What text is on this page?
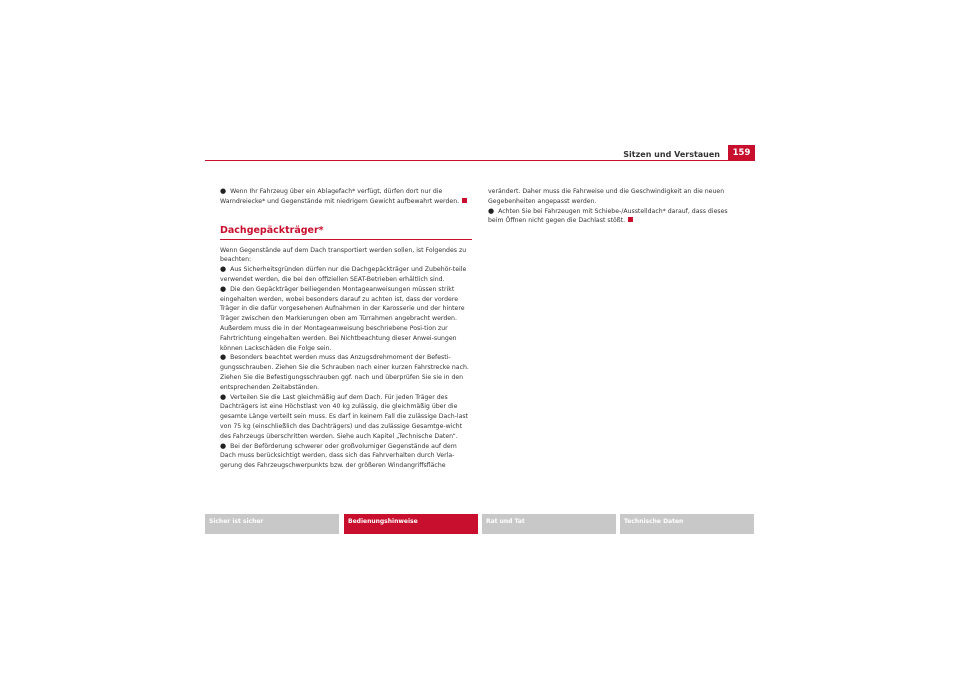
Sitzen und Verstauen	159

● Wenn Ihr Fahrzeug über ein Ablagefach* verfügt, dürfen dort nur die Warndreiecke* und Gegenstände mit niedrigem Gewicht aufbewahrt werden.

Dachgepäckträger*

Wenn Gegenstände auf dem Dach transportiert werden sollen, ist Folgendes zu beachten:

● Aus Sicherheitsgründen dürfen nur die Dachgepäckträger und Zubehör-teile verwendet werden, die bei den offiziellen SEAT-Betrieben erhältlich sind.

● Die den Gepäckträger beiliegenden Montageanweisungen müssen strikt eingehalten werden, wobei besonders darauf zu achten ist, dass der vordere Träger in die dafür vorgesehenen Aufnahmen in der Karosserie und der hintere Träger zwischen den Markierungen oben am Türrahmen angebracht werden. Außerdem muss die in der Montageanweisung beschriebene Posi-tion zur Fahrtrichtung eingehalten werden. Bei Nichtbeachtung dieser Anwei-sungen können Lackschäden die Folge sein.

● Besonders beachtet werden muss das Anzugsdrehmoment der Befesti-gungsschrauben. Ziehen Sie die Schrauben nach einer kurzen Fahrstrecke nach. Ziehen Sie die Befestigungsschrauben ggf. nach und überprüfen Sie sie in den entsprechenden Zeitabständen.

● Verteilen Sie die Last gleichmäßig auf dem Dach. Für jeden Träger des Dachträgers ist eine Höchstlast von 40 kg zulässig, die gleichmäßig über die gesamte Länge verteilt sein muss. Es darf in keinem Fall die zulässige Dach-last von 75 kg (einschließlich des Dachträgers) und das zulässige Gesamtge-wicht des Fahrzeugs überschritten werden. Siehe auch Kapitel „Technische Daten“.

● Bei der Beförderung schwerer oder großvolumiger Gegenstände auf dem Dach muss berücksichtigt werden, dass sich das Fahrverhalten durch Verla-gerung des Fahrzeugschwerpunkts bzw. der größeren Windangriffsfläche

verändert. Daher muss die Fahrweise und die Geschwindigkeit an die neuen Gegebenheiten angepasst werden.

● Achten Sie bei Fahrzeugen mit Schiebe-/Ausstelldach* darauf, dass dieses beim Öffnen nicht gegen die Dachlast stößt.

Sicher ist sicher	Bedienungshinweise	Rat und Tat	Technische Daten
